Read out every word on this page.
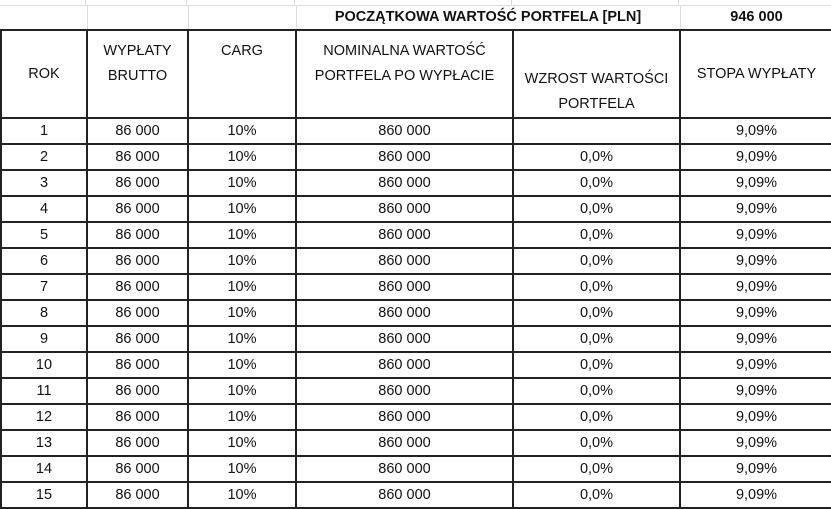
			POCZĄTKOWA WARTOŚĆ PORTFELA [PLN]		946 000
ROK	WYPŁATY BRUTTO	CARG	NOMINALNA WARTOŚĆ PORTFELA PO WYPŁACIE	WZROST WARTOŚCI PORTFELA	STOPA WYPŁATY
1	86 000	10%	860 000		9,09%
2	86 000	10%	860 000	0,0%	9,09%
3	86 000	10%	860 000	0,0%	9,09%
4	86 000	10%	860 000	0,0%	9,09%
5	86 000	10%	860 000	0,0%	9,09%
6	86 000	10%	860 000	0,0%	9,09%
7	86 000	10%	860 000	0,0%	9,09%
8	86 000	10%	860 000	0,0%	9,09%
9	86 000	10%	860 000	0,0%	9,09%
10	86 000	10%	860 000	0,0%	9,09%
11	86 000	10%	860 000	0,0%	9,09%
12	86 000	10%	860 000	0,0%	9,09%
13	86 000	10%	860 000	0,0%	9,09%
14	86 000	10%	860 000	0,0%	9,09%
15	86 000	10%	860 000	0,0%	9,09%
